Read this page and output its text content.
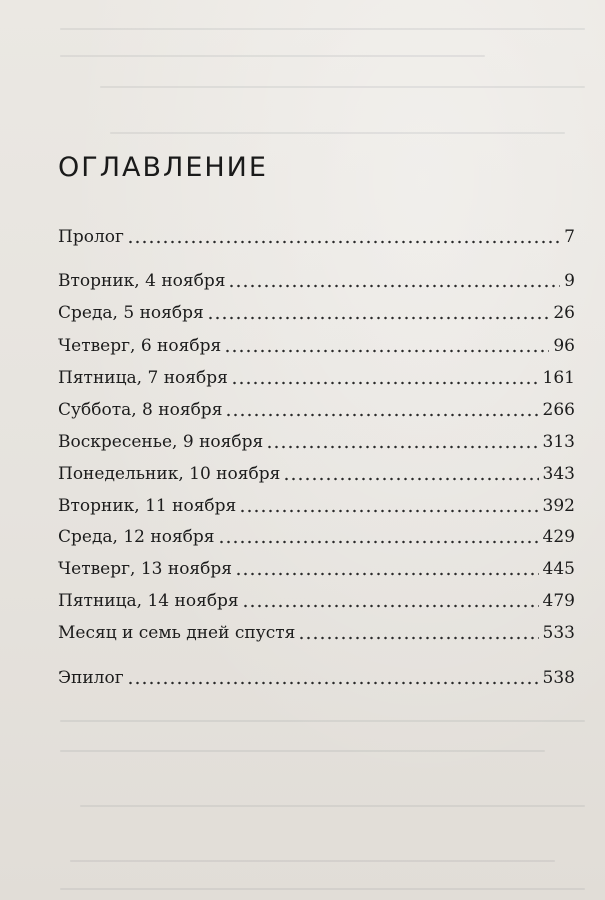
ОГЛАВЛЕНИЕ
Пролог	7
Вторник, 4 ноября	9
Среда, 5 ноября	26
Четверг, 6 ноября	96
Пятница, 7 ноября	161
Суббота, 8 ноября	266
Воскресенье, 9 ноября	313
Понедельник, 10 ноября	343
Вторник, 11 ноября	392
Среда, 12 ноября	429
Четверг, 13 ноября	445
Пятница, 14 ноября	479
Месяц и семь дней спустя	533
Эпилог	538
